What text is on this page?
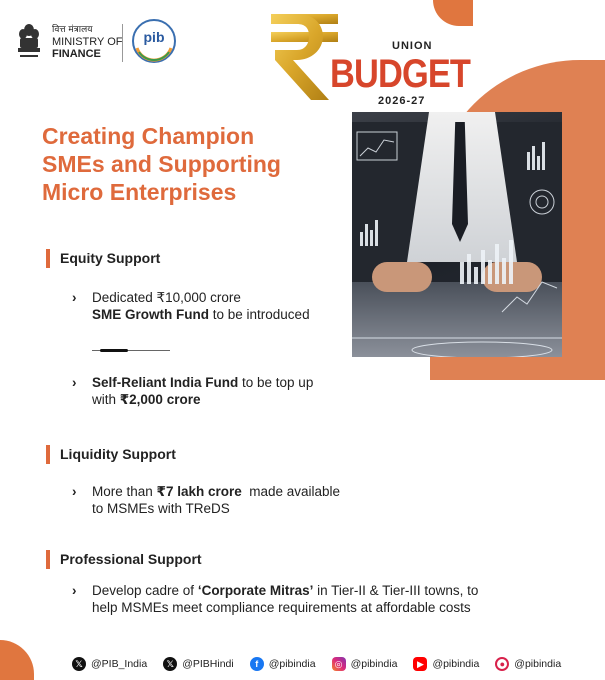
वित्त मंत्रालय
MINISTRY OF
FINANCE
pib
UNION
BUDGET
2026-27
Creating Champion
SMEs and Supporting
Micro Enterprises
Equity Support
› Dedicated ₹10,000 crore
SME Growth Fund to be introduced
› Self-Reliant India Fund to be top up
with ₹2,000 crore
Liquidity Support
› More than ₹7 lakh crore  made available
to MSMEs with TReDS
Professional Support
› Develop cadre of ‘Corporate Mitras’ in Tier-II & Tier-III towns, to
help MSMEs meet compliance requirements at affordable costs
𝕏 @PIB_India	𝕏 @PIBHindi	f	@pibindia	◎ @pibindia	▶ @pibindia	● @pibindia
